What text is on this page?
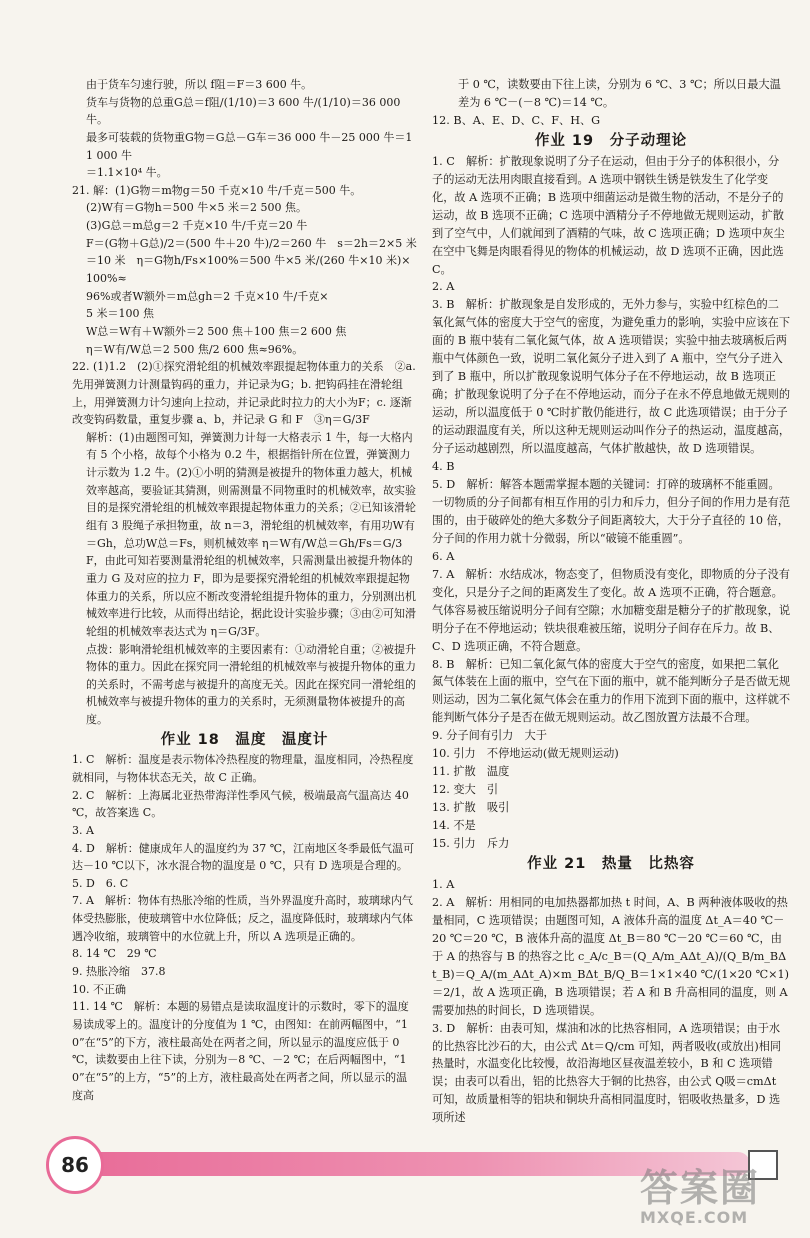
由于货车匀速行驶，所以 f阻＝F＝3 600 牛。

货车与货物的总重G总＝f阻/(1/10)＝3 600 牛/(1/10)＝36 000 牛。

最多可装载的货物重G物＝G总－G车＝36 000 牛－25 000 牛＝11 000 牛

＝1.1×10⁴ 牛。

21. 解：(1)G物＝m物g＝50 千克×10 牛/千克＝500 牛。

(2)W有＝G物h＝500 牛×5 米＝2 500 焦。

(3)G总＝m总g＝2 千克×10 牛/千克＝20 牛

F＝(G物＋G总)/2＝(500 牛＋20 牛)/2＝260 牛　s＝2h＝2×5 米

＝10 米　η＝G物h/Fs×100%＝500 牛×5 米/(260 牛×10 米)×100%≈

96%或者W额外＝m总gh＝2 千克×10 牛/千克×

5 米＝100 焦

W总＝W有＋W额外＝2 500 焦＋100 焦＝2 600 焦

η＝W有/W总＝2 500 焦/2 600 焦≈96%。

22. (1)1.2　(2)①探究滑轮组的机械效率跟提起物体重力的关系　②a. 先用弹簧测力计测量钩码的重力，并记录为G；b. 把钩码挂在滑轮组上，用弹簧测力计匀速向上拉动，并记录此时拉力的大小为F；c. 逐渐改变钩码数量，重复步骤 a、b，并记录 G 和 F　③η＝G/3F

解析：(1)由题图可知，弹簧测力计每一大格表示 1 牛，每一大格内有 5 个小格，故每个小格为 0.2 牛，根据指针所在位置，弹簧测力计示数为 1.2 牛。(2)①小明的猜测是被提升的物体重力越大，机械效率越高，要验证其猜测，则需测量不同物重时的机械效率，故实验目的是探究滑轮组的机械效率跟提起物体重力的关系；②已知该滑轮组有 3 股绳子承担物重，故 n＝3，滑轮组的机械效率，有用功W有＝Gh，总功W总＝Fs，则机械效率 η＝W有/W总＝Gh/Fs＝G/3F，由此可知若要测量滑轮组的机械效率，只需测量出被提升物体的重力 G 及对应的拉力 F，即为是要探究滑轮组的机械效率跟提起物体重力的关系，所以应不断改变滑轮组提升物体的重力，分别测出机械效率进行比较，从而得出结论，据此设计实验步骤；③由②可知滑轮组的机械效率表达式为 η＝G/3F。

点拨：影响滑轮组机械效率的主要因素有：①动滑轮自重；②被提升物体的重力。因此在探究同一滑轮组的机械效率与被提升物体的重力的关系时，不需考虑与被提升的高度无关。因此在探究同一滑轮组的机械效率与被提升物体的重力的关系时，无须测量物体被提升的高度。

作业 18　温度　温度计

1. C　解析：温度是表示物体冷热程度的物理量，温度相同，冷热程度就相同，与物体状态无关，故 C 正确。

2. C　解析：上海属北亚热带海洋性季风气候，极端最高气温高达 40 ℃，故答案选 C。

3. A

4. D　解析：健康成年人的温度约为 37 ℃，江南地区冬季最低气温可达－10 ℃以下，冰水混合物的温度是 0 ℃，只有 D 选项是合理的。

5. D　6. C

7. A　解析：物体有热胀冷缩的性质，当外界温度升高时，玻璃球内气体受热膨胀，使玻璃管中水位降低；反之，温度降低时，玻璃球内气体遇冷收缩，玻璃管中的水位就上升，所以 A 选项是正确的。

8. 14 ℃　29 ℃

9. 热胀冷缩　37.8

10. 不正确

11. 14 ℃　解析：本题的易错点是读取温度计的示数时，零下的温度易读成零上的。温度计的分度值为 1 ℃，由图知：在前两幅图中，“10”在“5”的下方，液柱最高处在两者之间，所以显示的温度应低于 0 ℃，读数要由上往下读，分别为－8 ℃、－2 ℃；在后两幅图中，“10”在“5”的上方，“5”的上方，液柱最高处在两者之间，所以显示的温度高

于 0 ℃，读数要由下往上读，分别为 6 ℃、3 ℃；所以日最大温差为 6 ℃－(－8 ℃)＝14 ℃。

12. B、A、E、D、C、F、H、G

作业 19　分子动理论

1. C　解析：扩散现象说明了分子在运动，但由于分子的体积很小，分子的运动无法用肉眼直接看到。A 选项中钢铁生锈是铁发生了化学变化，故 A 选项不正确；B 选项中细菌运动是微生物的活动，不是分子的运动，故 B 选项不正确；C 选项中酒精分子不停地做无规则运动，扩散到了空气中，人们就闻到了酒精的气味，故 C 选项正确；D 选项中灰尘在空中飞舞是肉眼看得见的物体的机械运动，故 D 选项不正确，因此选 C。

2. A

3. B　解析：扩散现象是自发形成的，无外力参与，实验中红棕色的二氧化氮气体的密度大于空气的密度，为避免重力的影响，实验中应该在下面的 B 瓶中装有二氧化氮气体，故 A 选项错误；实验中抽去玻璃板后两瓶中气体颜色一致，说明二氧化氮分子进入到了 A 瓶中，空气分子进入到了 B 瓶中，所以扩散现象说明气体分子在不停地运动，故 B 选项正确；扩散现象说明了分子在不停地运动，而分子在永不停息地做无规则的运动，所以温度低于 0 ℃时扩散仍能进行，故 C 此选项错误；由于分子的运动跟温度有关，所以这种无规则运动叫作分子的热运动，温度越高，分子运动越剧烈，所以温度越高，气体扩散越快，故 D 选项错误。

4. B

5. D　解析：解答本题需掌握本题的关键词：打碎的玻璃杯不能重圆。一切物质的分子间都有相互作用的引力和斥力，但分子间的作用力是有范围的，由于破碎处的绝大多数分子间距离较大，大于分子直径的 10 倍，分子间的作用力就十分微弱，所以“破镜不能重圆”。

6. A

7. A　解析：水结成冰，物态变了，但物质没有变化，即物质的分子没有变化，只是分子之间的距离发生了变化。故 A 选项不正确，符合题意。气体容易被压缩说明分子间有空隙；水加糖变甜是糖分子的扩散现象，说明分子在不停地运动；铁块很难被压缩，说明分子间存在斥力。故 B、C、D 选项正确，不符合题意。

8. B　解析：已知二氧化氮气体的密度大于空气的密度，如果把二氧化氮气体装在上面的瓶中，空气在下面的瓶中，就不能判断分子是否做无规则运动，因为二氧化氮气体会在重力的作用下流到下面的瓶中，这样就不能判断气体分子是否在做无规则运动。故乙图放置方法最不合理。

9. 分子间有引力　大于

10. 引力　不停地运动(做无规则运动)

11. 扩散　温度

12. 变大　引

13. 扩散　吸引

14. 不是

15. 引力　斥力

作业 21　热量　比热容

1. A

2. A　解析：用相同的电加热器都加热 t 时间，A、B 两种液体吸收的热量相同，C 选项错误；由题图可知，A 液体升高的温度 Δt_A＝40 ℃－20 ℃＝20 ℃，B 液体升高的温度 Δt_B＝80 ℃－20 ℃＝60 ℃，由于 A 的热容与 B 的热容之比 c_A/c_B＝(Q_A/m_AΔt_A)/(Q_B/m_BΔt_B)＝Q_A/(m_AΔt_A)×m_BΔt_B/Q_B＝1×1×40 ℃/(1×20 ℃×1)＝2/1，故 A 选项正确，B 选项错误；若 A 和 B 升高相同的温度，则 A 需要加热的时间长，D 选项错误。

3. D　解析：由表可知，煤油和冰的比热容相同，A 选项错误；由于水的比热容比沙石的大，由公式 Δt＝Q/cm 可知，两者吸收(或放出)相同热量时，水温变化比较慢，故沿海地区昼夜温差较小，B 和 C 选项错误；由表可以看出，铝的比热容大于铜的比热容，由公式 Q吸＝cmΔt 可知，故质量相等的铝块和铜块升高相同温度时，铝吸收热量多，D 选项所述

86
答案圈
MXQE.COM
